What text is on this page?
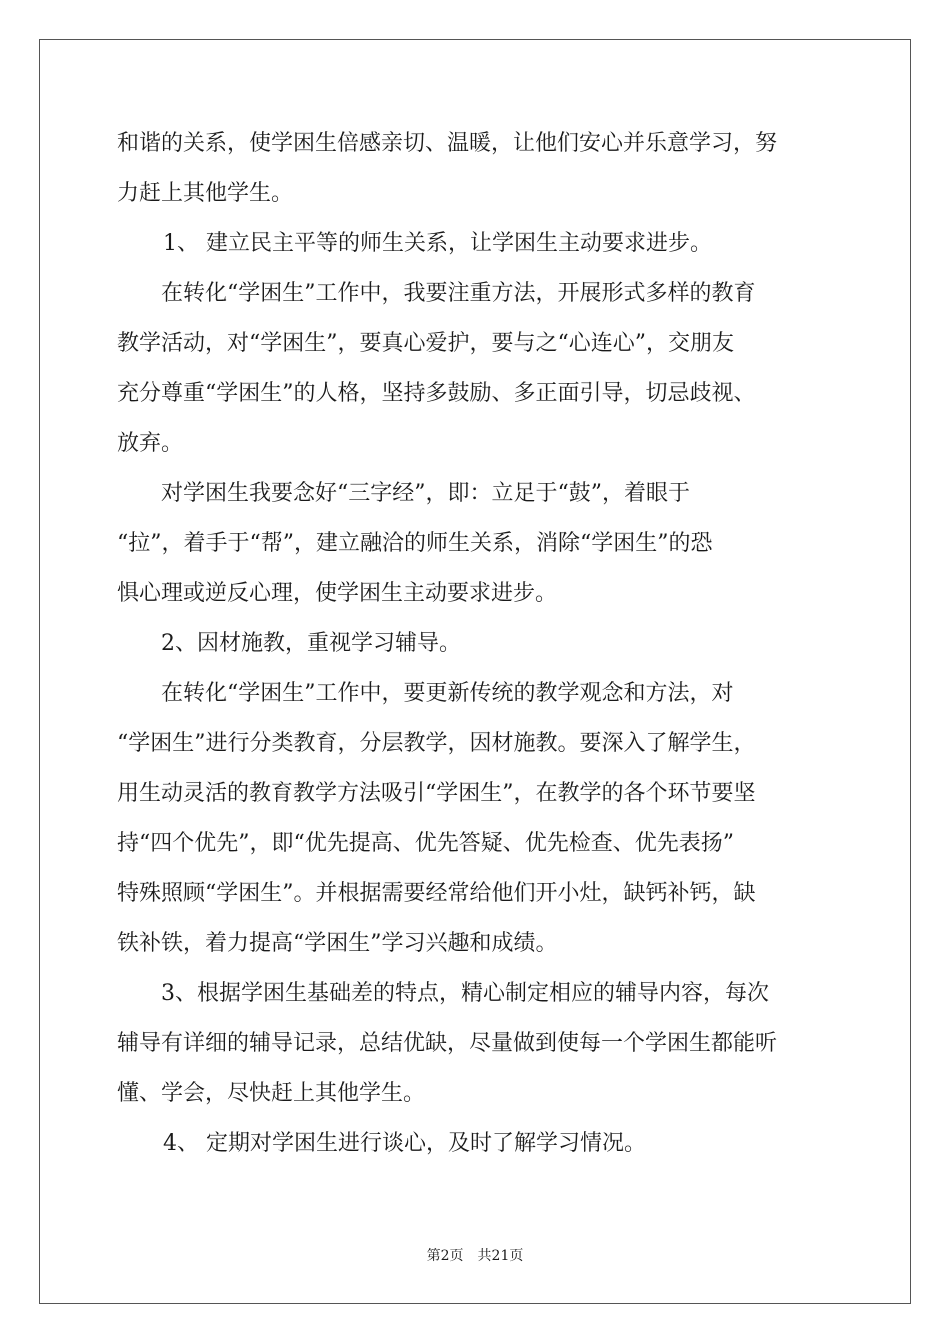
和谐的关系，使学困生倍感亲切、温暖，让他们安心并乐意学习，努
力赶上其他学生。
1、 建立民主平等的师生关系，让学困生主动要求进步。
在转化“学困生”工作中，我要注重方法，开展形式多样的教育
教学活动，对“学困生”，要真心爱护，要与之“心连心”，交朋友
充分尊重“学困生”的人格，坚持多鼓励、多正面引导，切忌歧视、
放弃。
对学困生我要念好“三字经”，即：立足于“鼓”，着眼于
“拉”，着手于“帮”，建立融洽的师生关系，消除“学困生”的恐
惧心理或逆反心理，使学困生主动要求进步。
2、因材施教，重视学习辅导。
在转化“学困生”工作中，要更新传统的教学观念和方法，对
“学困生”进行分类教育，分层教学，因材施教。要深入了解学生，
用生动灵活的教育教学方法吸引“学困生”，在教学的各个环节要坚
持“四个优先”，即“优先提高、优先答疑、优先检查、优先表扬”
特殊照顾“学困生”。并根据需要经常给他们开小灶，缺钙补钙，缺
铁补铁，着力提高“学困生”学习兴趣和成绩。
3、根据学困生基础差的特点，精心制定相应的辅导内容，每次
辅导有详细的辅导记录，总结优缺，尽量做到使每一个学困生都能听
懂、学会，尽快赶上其他学生。
4、 定期对学困生进行谈心，及时了解学习情况。
第2页 共21页
